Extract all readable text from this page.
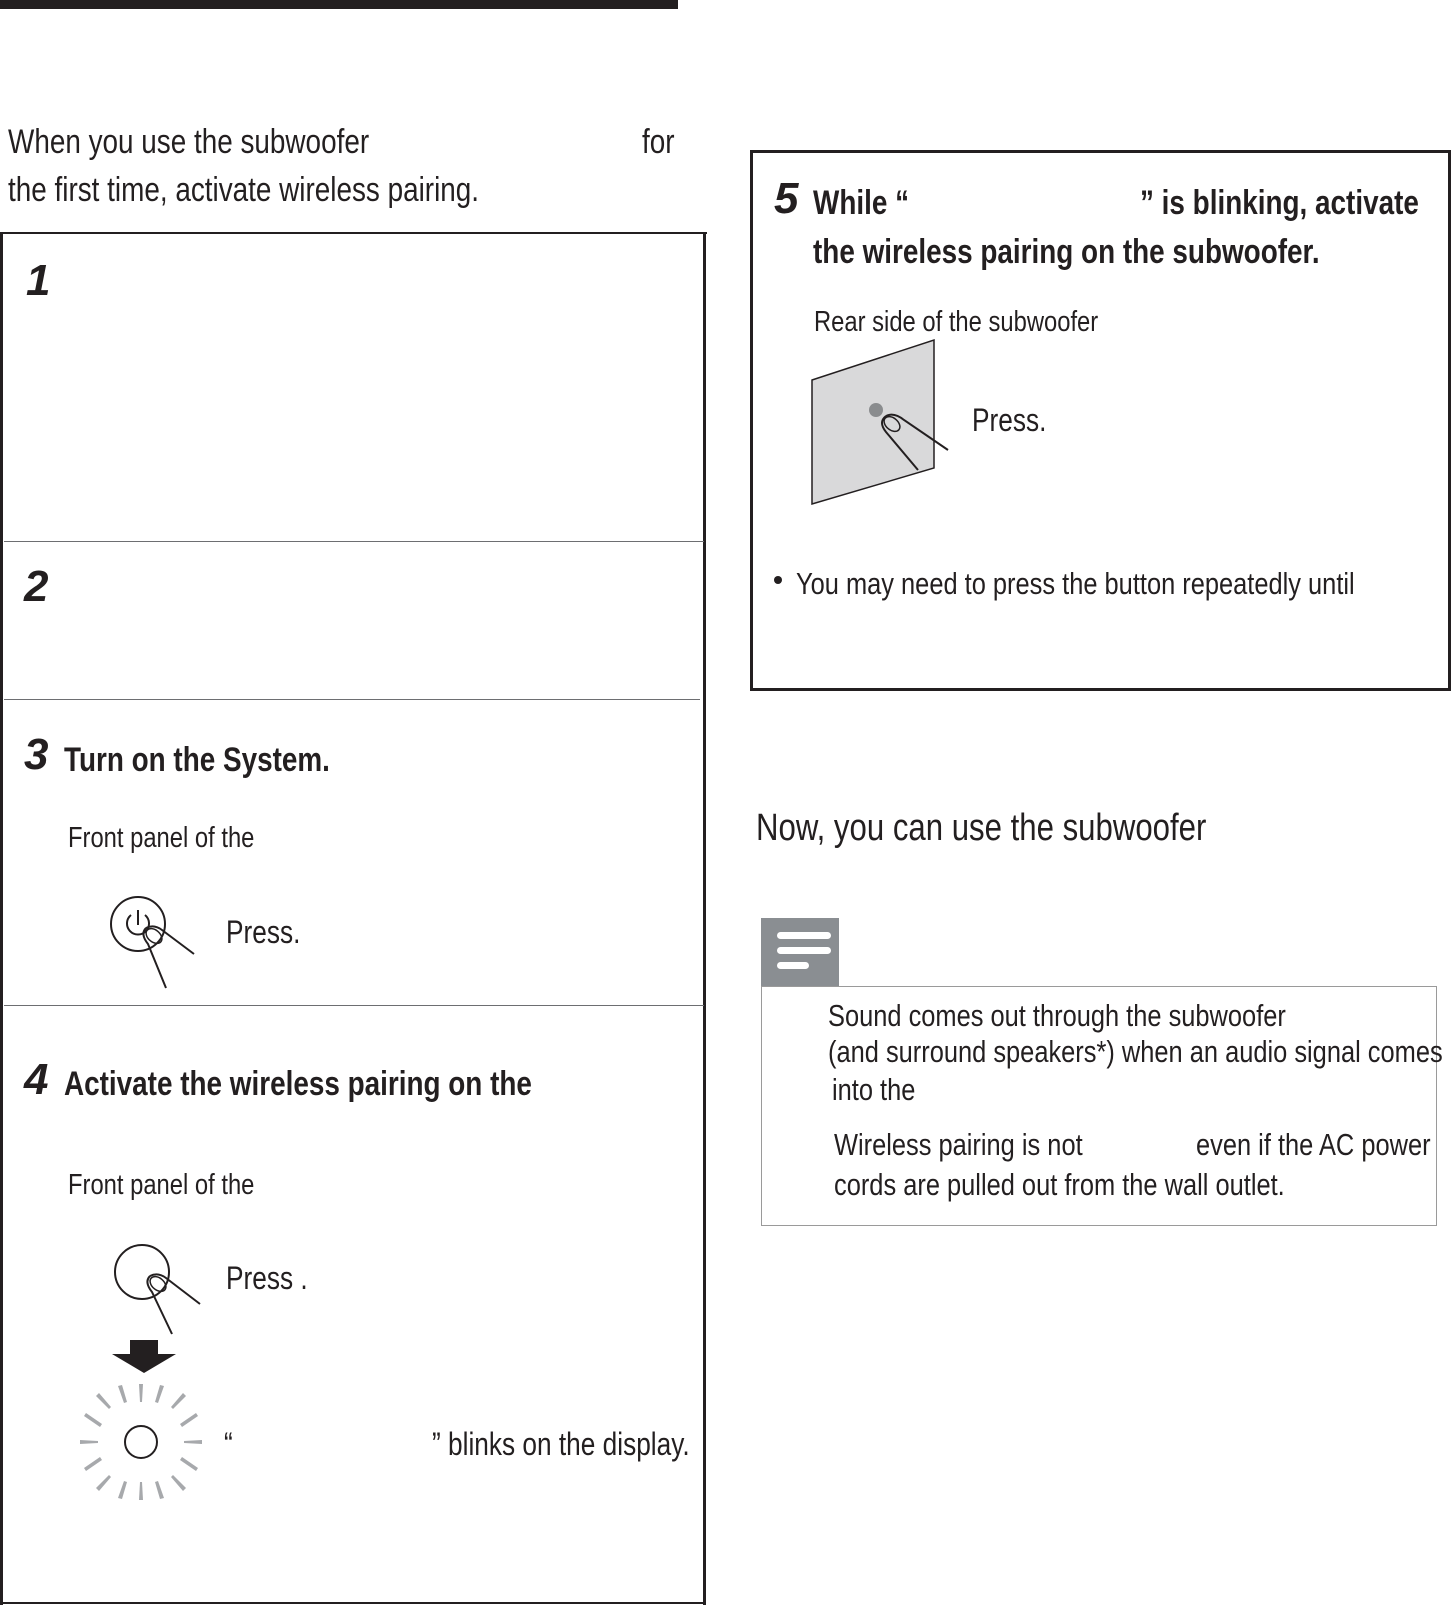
When you use the subwoofer
the first time, activate wireless pairing.
for
1
2
3 Turn on the System.
Front panel of the
Press.
4 Activate the wireless pairing on the
Front panel of the
Press .
“	” blinks on the display.
5 While “	” is blinking, activate
the wireless pairing on the subwoofer.
Rear side of the subwoofer
Press.
You may need to press the button repeatedly until
Now, you can use the subwoofer
Sound comes out through the subwoofer
(and surround speakers*) when an audio signal comes
into the
Wireless pairing is not	even if the AC power
cords are pulled out from the wall outlet.
